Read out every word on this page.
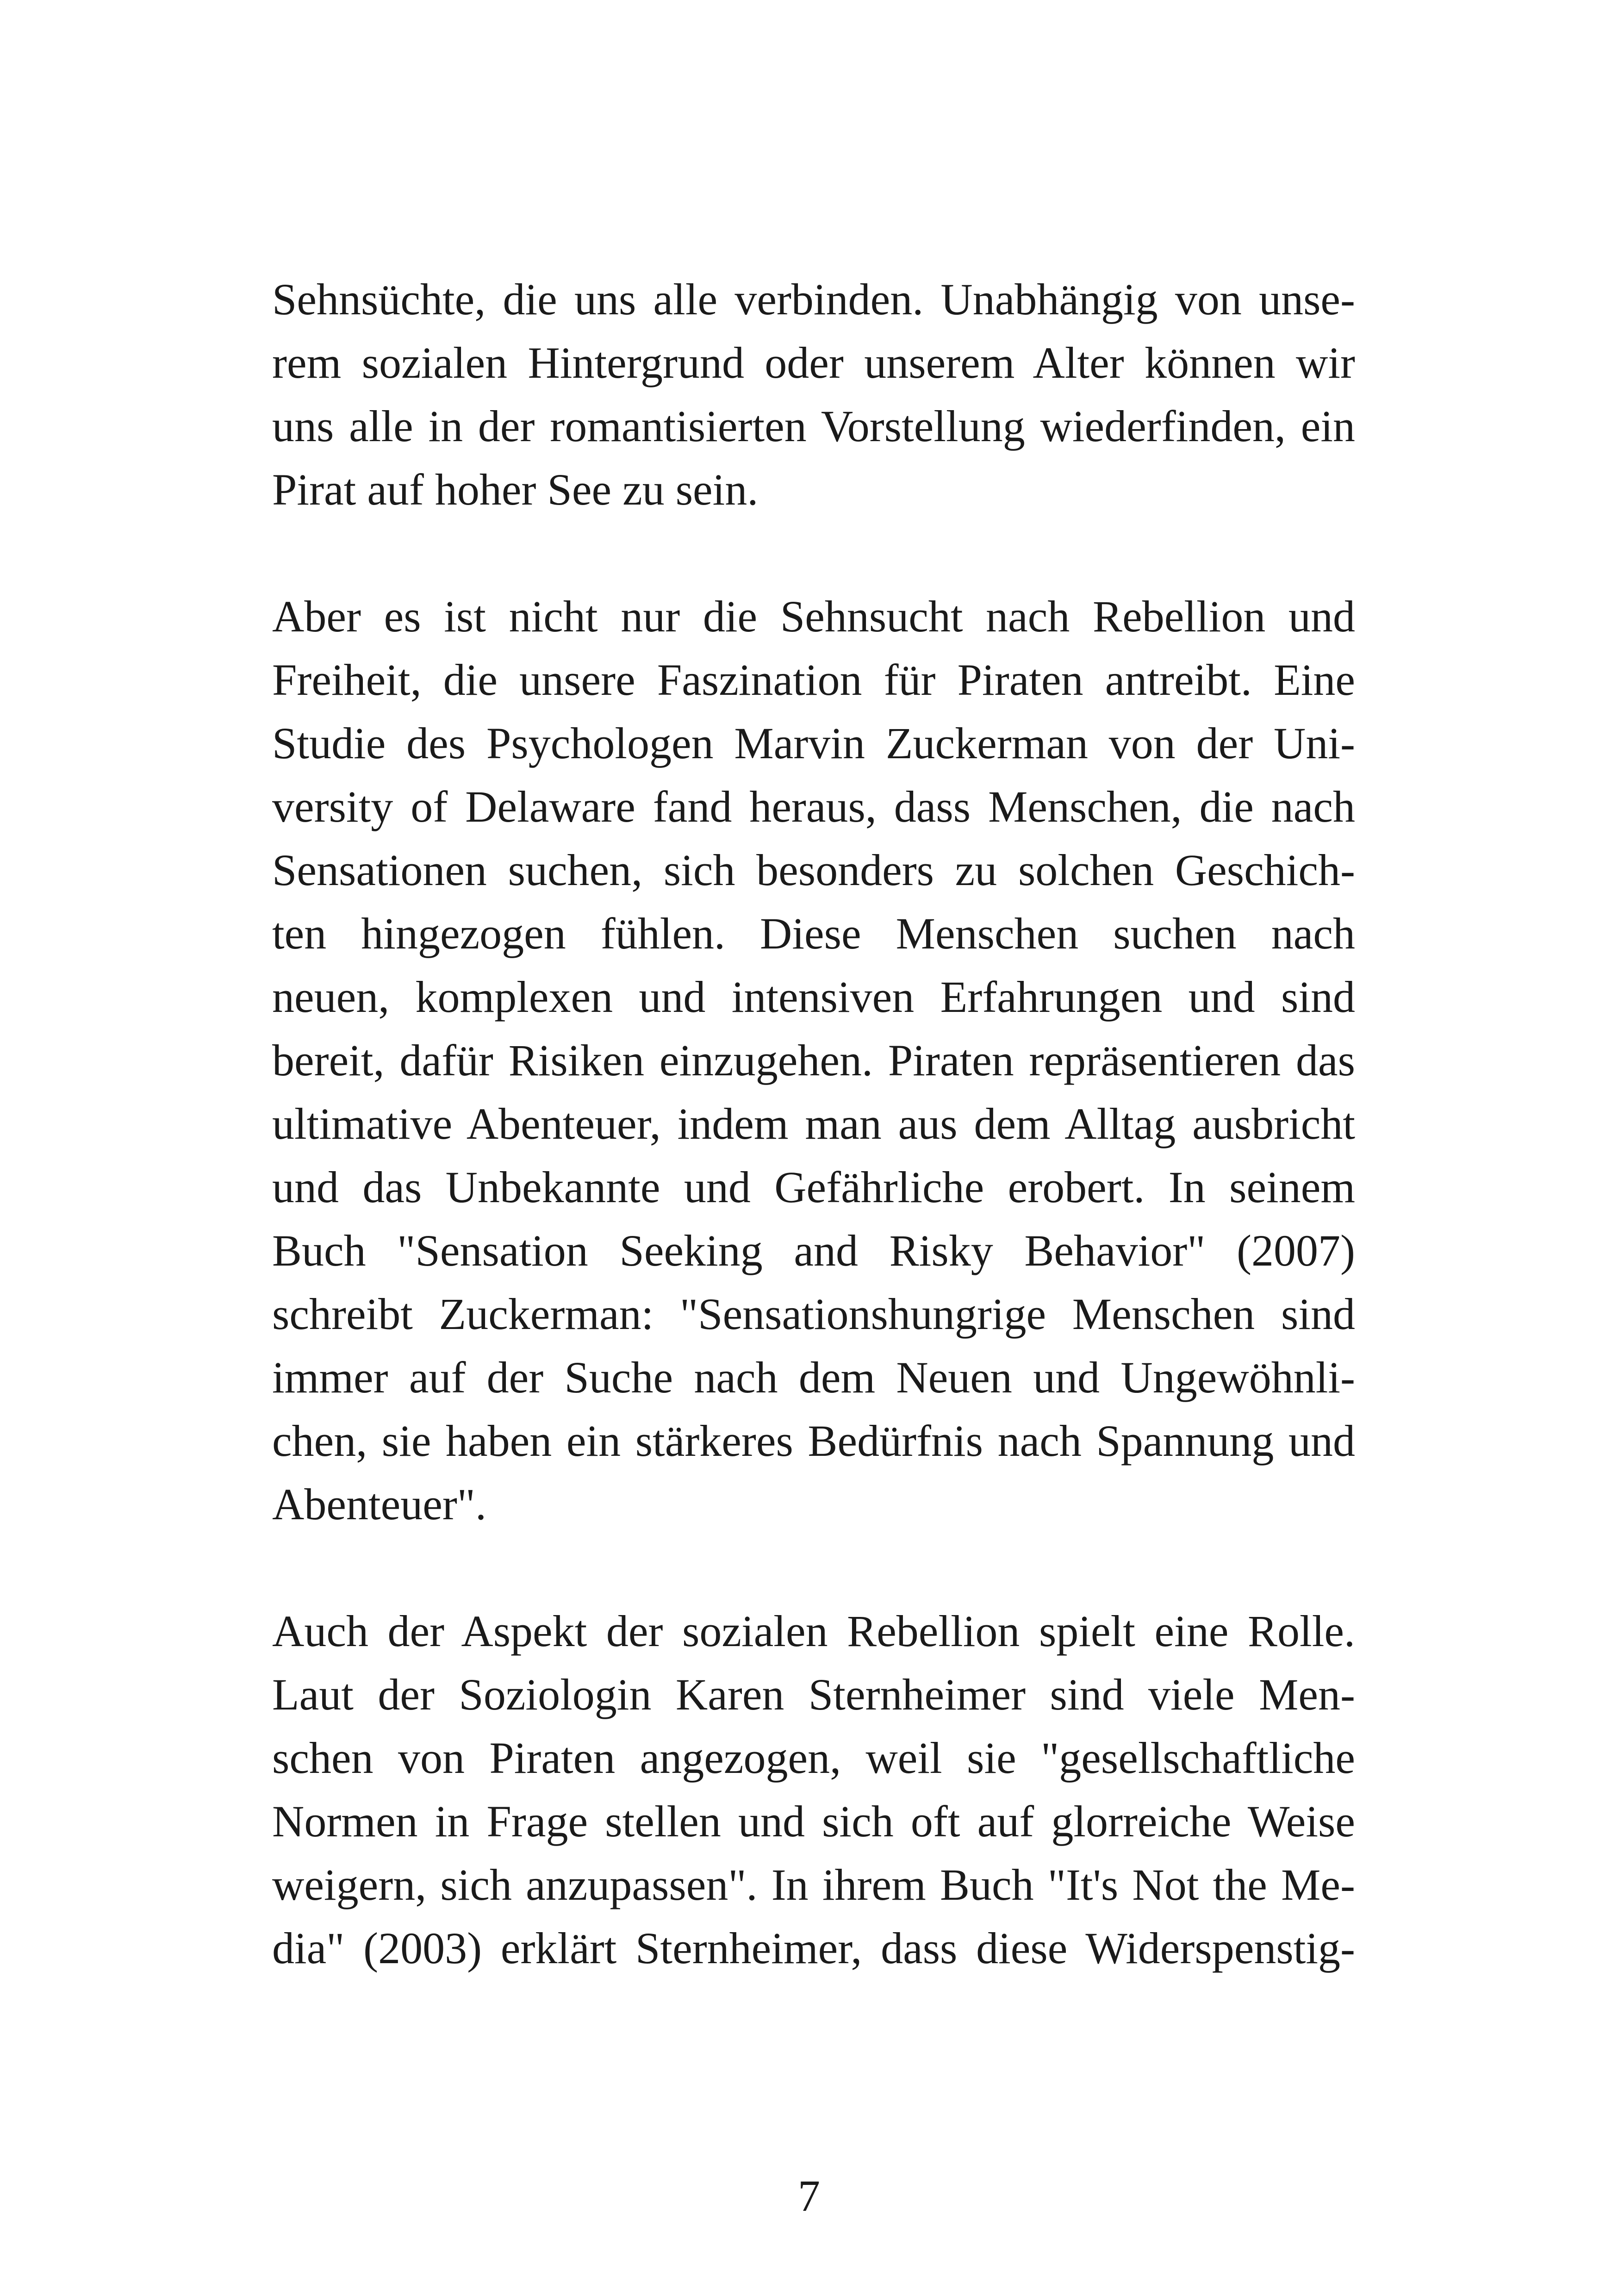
Sehnsüchte, die uns alle verbinden. Unabhängig von unse-
rem sozialen Hintergrund oder unserem Alter können wir
uns alle in der romantisierten Vorstellung wiederfinden, ein
Pirat auf hoher See zu sein.
Aber es ist nicht nur die Sehnsucht nach Rebellion und
Freiheit, die unsere Faszination für Piraten antreibt. Eine
Studie des Psychologen Marvin Zuckerman von der Uni-
versity of Delaware fand heraus, dass Menschen, die nach
Sensationen suchen, sich besonders zu solchen Geschich-
ten hingezogen fühlen. Diese Menschen suchen nach
neuen, komplexen und intensiven Erfahrungen und sind
bereit, dafür Risiken einzugehen. Piraten repräsentieren das
ultimative Abenteuer, indem man aus dem Alltag ausbricht
und das Unbekannte und Gefährliche erobert. In seinem
Buch "Sensation Seeking and Risky Behavior" (2007)
schreibt Zuckerman: "Sensationshungrige Menschen sind
immer auf der Suche nach dem Neuen und Ungewöhnli-
chen, sie haben ein stärkeres Bedürfnis nach Spannung und
Abenteuer".
Auch der Aspekt der sozialen Rebellion spielt eine Rolle.
Laut der Soziologin Karen Sternheimer sind viele Men-
schen von Piraten angezogen, weil sie "gesellschaftliche
Normen in Frage stellen und sich oft auf glorreiche Weise
weigern, sich anzupassen". In ihrem Buch "It's Not the Me-
dia" (2003) erklärt Sternheimer, dass diese Widerspenstig-
7
